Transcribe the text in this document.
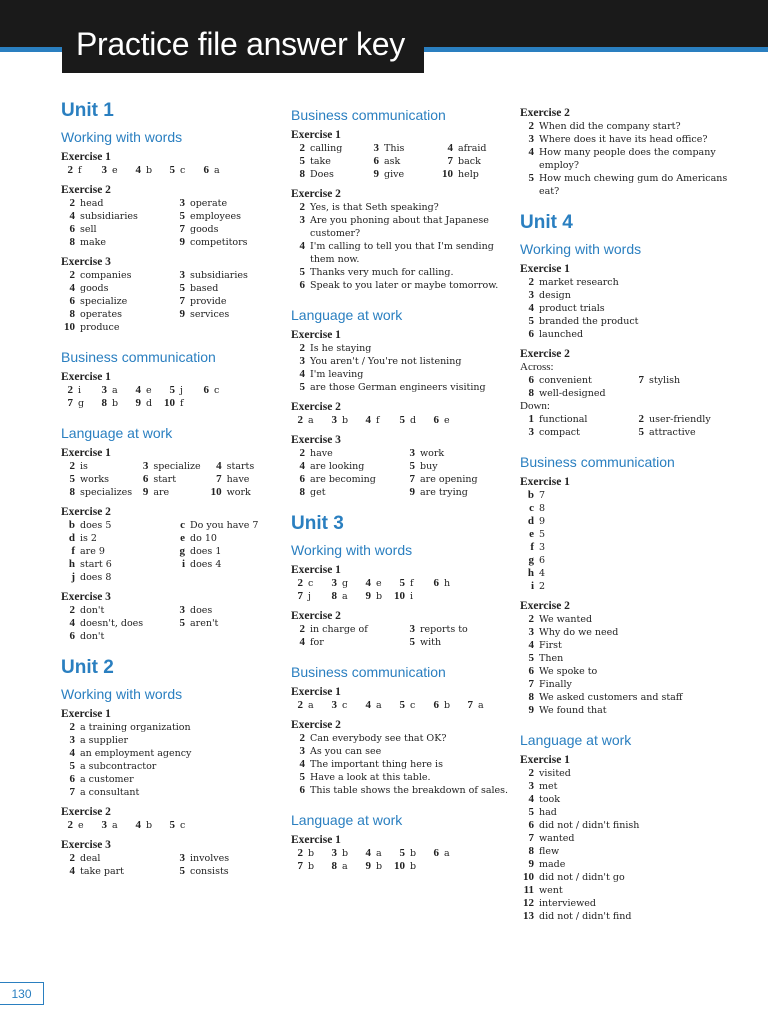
Practice file answer key
Unit 1
Working with words
Exercise 1
2 f	3 e	4 b	5 c	6 a
Exercise 2
2 head	3 operate
4 subsidiaries	5 employees
6 sell	7 goods
8 make	9 competitors
Exercise 3
2 companies	3 subsidiaries
4 goods	5 based
6 specialize	7 provide
8 operates	9 services
10 produce
Business communication
Exercise 1
2 i	3 a	4 e	5 j	6 c
7 g	8 b	9 d	10 f
Language at work
Exercise 1
2 is	3 specialize	4 starts
5 works	6 start	7 have
8 specializes 9 are	10 work
Exercise 2
b does 5	c Do you have 7
d is 2	e do 10
f are 9	g does 1
h start 6	i does 4
j does 8
Exercise 3
2 don't	3 does
4 doesn't, does	5 aren't
6 don't
Unit 2
Working with words
Exercise 1
2 a training organization
3 a supplier
4 an employment agency
5 a subcontractor
6 a customer
7 a consultant
Exercise 2
2 e	3 a	4 b	5 c
Exercise 3
2 deal	3 involves
4 take part	5 consists
Business communication
Exercise 1
2 calling	3 This	4 afraid
5 take	6 ask	7 back
8 Does	9 give	10 help
Exercise 2
2 Yes, is that Seth speaking?
3 Are you phoning about that Japanese customer?
4 I'm calling to tell you that I'm sending them now.
5 Thanks very much for calling.
6 Speak to you later or maybe tomorrow.
Language at work
Exercise 1
2 Is he staying
3 You aren't / You're not listening
4 I'm leaving
5 are those German engineers visiting
Exercise 2
2 a	3 b	4 f	5 d	6 e
Exercise 3
2 have	3 work
4 are looking	5 buy
6 are becoming	7 are opening
8 get	9 are trying
Unit 3
Working with words
Exercise 1
2 c	3 g	4 e	5 f	6 h
7 j	8 a	9 b	10 i
Exercise 2
2 in charge of	3 reports to
4 for	5 with
Business communication
Exercise 1
2 a	3 c	4 a	5 c	6 b	7 a
Exercise 2
2 Can everybody see that OK?
3 As you can see
4 The important thing here is
5 Have a look at this table.
6 This table shows the breakdown of sales.
Language at work
Exercise 1
2 b	3 b	4 a	5 b	6 a
7 b	8 a	9 b	10 b
Exercise 2
2 When did the company start?
3 Where does it have its head office?
4 How many people does the company employ?
5 How much chewing gum do Americans eat?
Unit 4
Working with words
Exercise 1
2 market research
3 design
4 product trials
5 branded the product
6 launched
Exercise 2
Across:
6 convenient	7 stylish
8 well-designed
Down:
1 functional	2 user-friendly
3 compact	5 attractive
Business communication
Exercise 1
b 7
c 8
d 9
e 5
f 3
g 6
h 4
i 2
Exercise 2
2 We wanted
3 Why do we need
4 First
5 Then
6 We spoke to
7 Finally
8 We asked customers and staff
9 We found that
Language at work
Exercise 1
2 visited
3 met
4 took
5 had
6 did not / didn't finish
7 wanted
8 flew
9 made
10 did not / didn't go
11 went
12 interviewed
13 did not / didn't find
130
